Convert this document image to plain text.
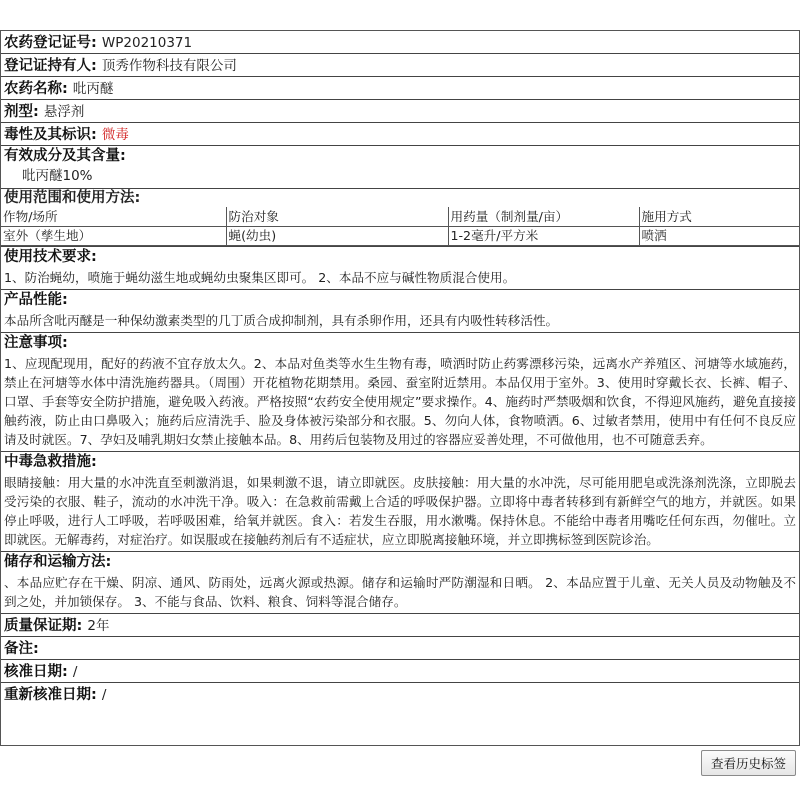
农药登记证号: WP20210371
登记证持有人: 顶秀作物科技有限公司
农药名称: 吡丙醚
剂型: 悬浮剂
毒性及其标识: 微毒
有效成分及其含量:
吡丙醚10%
使用范围和使用方法:
作物/场所	防治对象	用药量（制剂量/亩）	施用方式
室外（孳生地）	蝇(幼虫)	1-2毫升/平方米	喷洒
使用技术要求:
1、防治蝇幼，喷施于蝇幼滋生地或蝇幼虫聚集区即可。 2、本品不应与碱性物质混合使用。
产品性能:
本品所含吡丙醚是一种保幼激素类型的几丁质合成抑制剂，具有杀卵作用，还具有内吸性转移活性。
注意事项:
1、应现配现用，配好的药液不宜存放太久。2、本品对鱼类等水生生物有毒，喷洒时防止药雾漂移污染，远离水产养殖区、河塘等水域施药，禁止在河塘等水体中清洗施药器具。（周围）开花植物花期禁用。桑园、蚕室附近禁用。本品仅用于室外。3、使用时穿戴长衣、长裤、帽子、口罩、手套等安全防护措施，避免吸入药液。严格按照“农药安全使用规定”要求操作。4、施药时严禁吸烟和饮食，不得迎风施药，避免直接接触药液，防止由口鼻吸入；施药后应清洗手、脸及身体被污染部分和衣服。5、勿向人体，食物喷洒。6、过敏者禁用，使用中有任何不良反应请及时就医。7、孕妇及哺乳期妇女禁止接触本品。8、用药后包装物及用过的容器应妥善处理，不可做他用，也不可随意丢弃。
中毒急救措施:
眼睛接触：用大量的水冲洗直至刺激消退，如果刺激不退，请立即就医。皮肤接触：用大量的水冲洗，尽可能用肥皂或洗涤剂洗涤，立即脱去受污染的衣服、鞋子，流动的水冲洗干净。吸入：在急救前需戴上合适的呼吸保护器。立即将中毒者转移到有新鲜空气的地方，并就医。如果停止呼吸，进行人工呼吸，若呼吸困难，给氧并就医。食入：若发生吞服，用水漱嘴。保持休息。不能给中毒者用嘴吃任何东西，勿催吐。立即就医。无解毒药，对症治疗。如误服或在接触药剂后有不适症状，应立即脱离接触环境，并立即携标签到医院诊治。
储存和运输方法:
、本品应贮存在干燥、阴凉、通风、防雨处，远离火源或热源。储存和运输时严防潮湿和日晒。 2、本品应置于儿童、无关人员及动物触及不到之处，并加锁保存。 3、不能与食品、饮料、粮食、饲料等混合储存。
质量保证期: 2年
备注:
核准日期: /
重新核准日期: /
查看历史标签
